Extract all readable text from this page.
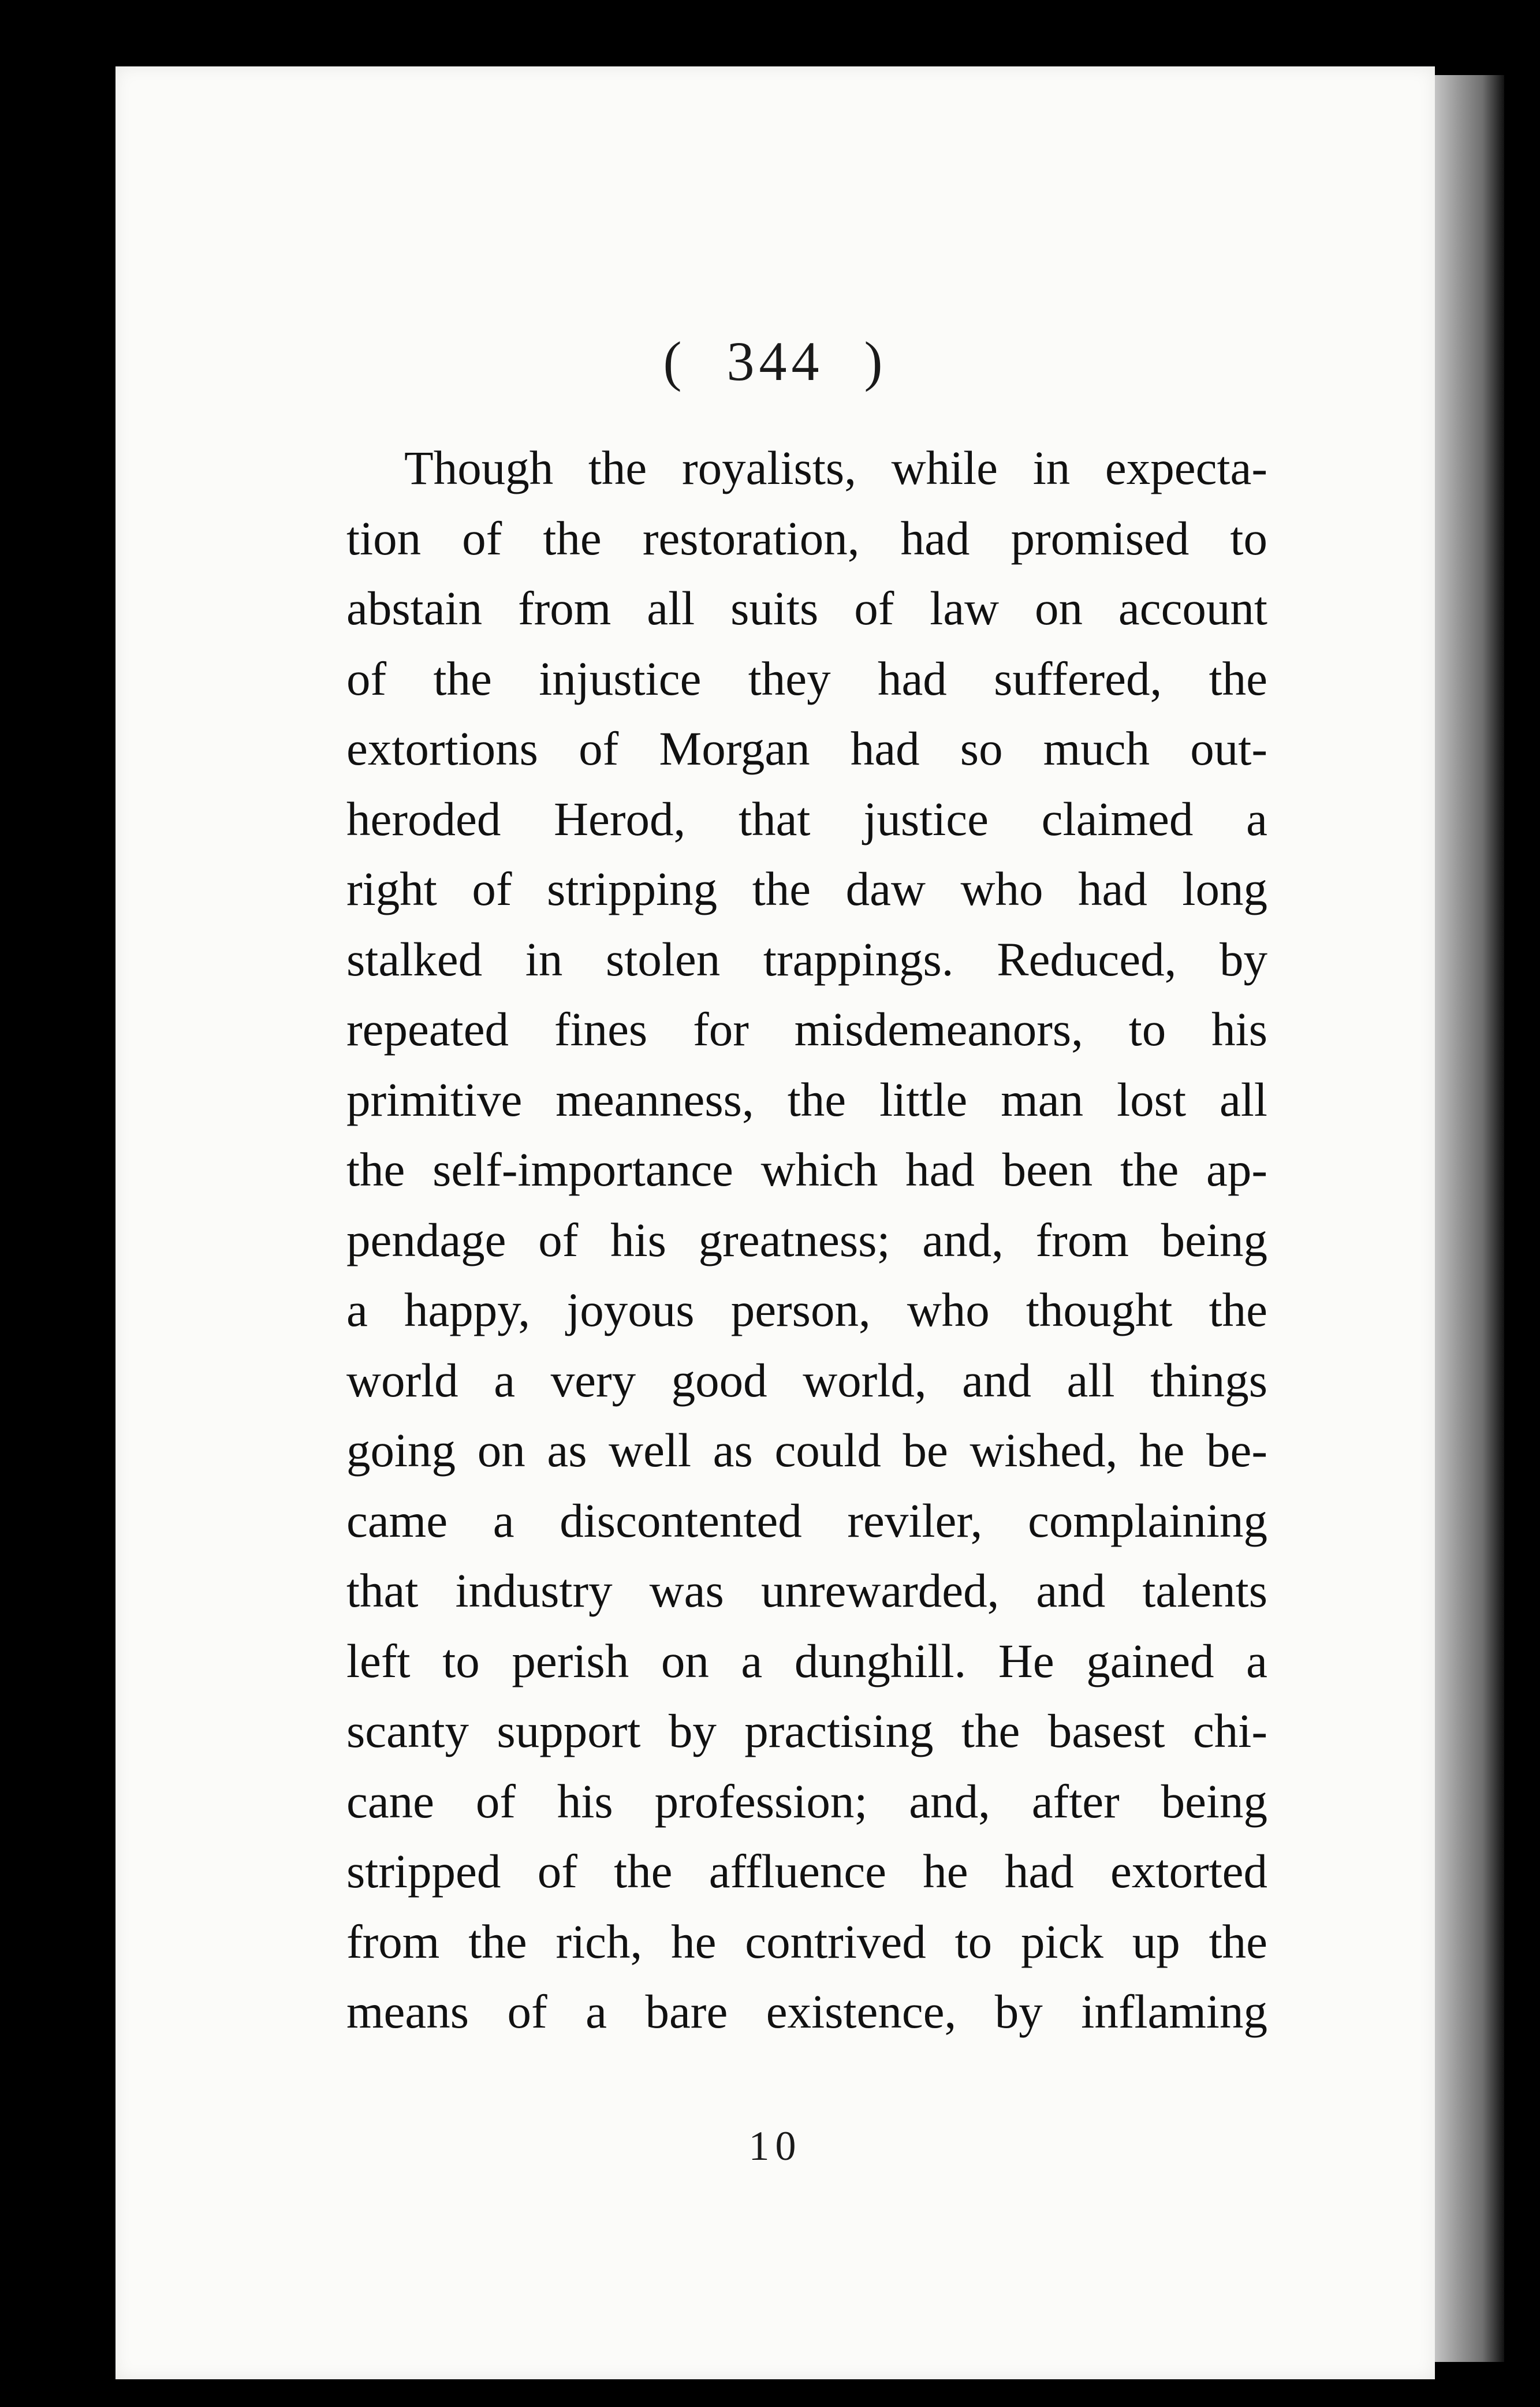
( 344 )
10
Though the royalists, while in expecta-
tion of the restoration, had promised to
abstain from all suits of law on account
of the injustice they had suffered, the
extortions of Morgan had so much out-
heroded Herod, that justice claimed a
right of stripping the daw who had long
stalked in stolen trappings. Reduced, by
repeated fines for misdemeanors, to his
primitive meanness, the little man lost all
the self-importance which had been the ap-
pendage of his greatness; and, from being
a happy, joyous person, who thought the
world a very good world, and all things
going on as well as could be wished, he be-
came a discontented reviler, complaining
that industry was unrewarded, and talents
left to perish on a dunghill. He gained a
scanty support by practising the basest chi-
cane of his profession; and, after being
stripped of the affluence he had extorted
from the rich, he contrived to pick up the
means of a bare existence, by inflaming
